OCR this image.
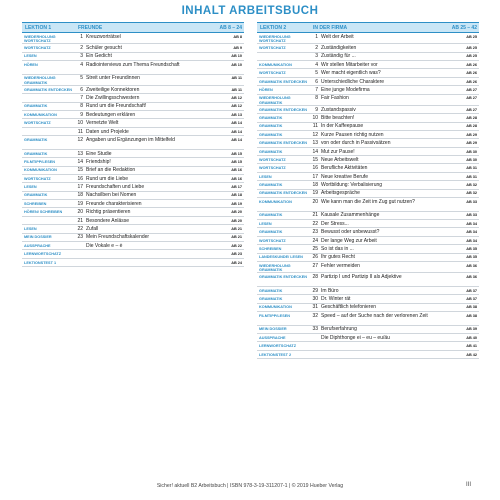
INHALT ARBEITSBUCH
LEKTION 1	FREUNDE	AB 8 – 24
WIEDERHOLUNG WORTSCHATZ
1 Kreuzworträtsel	AB 8
WORTSCHATZ	2 Schüler gesucht	AB 9
LESEN	3 Ein Gedicht	AB 10
HÖREN	4 Radiointerviews zum Thema Freundschaft	AB 10
WIEDERHOLUNG GRAMMATIK
5 Streit unter Freundinnen	AB 11
GRAMMATIK ENTDECKEN	6 Zweiteilige Konnektoren	AB 11
7 Die Zwillingsschwestern	AB 12
GRAMMATIK	8 Rund um die Freundschaft!	AB 12
KOMMUNIKATION	9 Bedeutungen erklären	AB 13
WORTSCHATZ	10 Vernetzte Welt	AB 14
11 Daten und Projekte	AB 14
GRAMMATIK	12 Angaben und Ergänzungen im Mittelfeld	AB 14
GRAMMATIK	13 Eine Studie	AB 15
FILMTIPP/LESEN	14 Friendship!	AB 15
KOMMUNIKATION	15 Brief an die Redaktion	AB 16
WORTSCHATZ	16 Rund um die Liebe	AB 16
LESEN	17 Freundschaften und Liebe	AB 17
GRAMMATIK	18 Nachsilben bei Nomen	AB 18
SCHREIBEN	19 Freunde charakterisieren	AB 19
HÖREN/ SCHREIBEN	20 Richtig präsentieren	AB 20
21 Besondere Anlässe	AB 20
LESEN	22 Zufall	AB 21
MEIN DOSSIER	23 Mein Freundschaftskalender	AB 21
AUSSPRACHE	Die Vokale e – ė	AB 22
LERNWORTSCHATZ	AB 23
LEKTIONSTEST 1	AB 24
LEKTION 2	IN DER FIRMA	AB 25 – 42
WIEDERHOLUNG WORTSCHATZ
1 Welt der Arbeit	AB 25
WORTSCHATZ	2 Zuständigkeiten	AB 25
3 Zuständig für ...	AB 25
KOMMUNIKATION	4 Wir stellen Mitarbeiter vor	AB 26
WORTSCHATZ	5 Wer macht eigentlich was?	AB 26
GRAMMATIK ENTDECKEN	6 Unterschiedliche Charaktere	AB 26
HÖREN	7 Eine junge Modefirma	AB 27
WIEDERHOLUNG GRAMMATIK
8 Fair Fashion	AB 27
GRAMMATIK ENTDECKEN	9 Zustandspassiv	AB 27
GRAMMATIK	10 Bitte beachten!	AB 28
GRAMMATIK	11 In der Kaffeepause	AB 28
GRAMMATIK	12 Kurze Pausen richtig nutzen	AB 29
GRAMMATIK ENTDECKEN	13 von oder durch in Passivsätzen	AB 29
GRAMMATIK	14 Mut zur Pause!	AB 30
WORTSCHATZ	15 Neue Arbeitswelt	AB 30
WORTSCHATZ	16 Berufliche Aktivitäten	AB 31
LESEN	17 Neue kreative Berufe	AB 31
GRAMMATIK	18 Wortbildung: Verbalisierung	AB 32
GRAMMATIK ENTDECKEN	19 Arbeitsgespräche	AB 32
KOMMUNIKATION	20 Wie kann man die Zeit im Zug gut nutzen?	AB 33
GRAMMATIK	21 Kausale Zusammenhänge	AB 33
LESEN	22 Der Stress...	AB 34
GRAMMATIK	23 Bewusst oder unbewusst?	AB 34
WORTSCHATZ	24 Der lange Weg zur Arbeit	AB 34
SCHREIBEN	25 So ist das in ...	AB 35
LANDESKUNDE/ LESEN	26 Ihr gutes Recht	AB 35
WIEDERHOLUNG GRAMMATIK
27 Fehler vermeiden	AB 36
GRAMMATIK ENTDECKEN	28 Partizip I und Partizip II als Adjektive	AB 36
GRAMMATIK	29 Im Büro	AB 37
GRAMMATIK	30 Dr. Winter rät	AB 37
KOMMUNIKATION	31 Geschäftlich telefonieren	AB 38
FILMTIPP/LESEN	32 Speed – auf der Suche nach der verlorenen Zeit	AB 38
MEIN DOSSIER	33 Berufserfahrung	AB 39
AUSSPRACHE	Die Diphthonge ei – eu – eu/äu	AB 40
LERNWORTSCHATZ	AB 41
LEKTIONSTEST 2	AB 42
Sicher! aktuell B2 Arbeitsbuch | ISBN 978-3-19-311207-1 | © 2019 Hueber Verlag	III
